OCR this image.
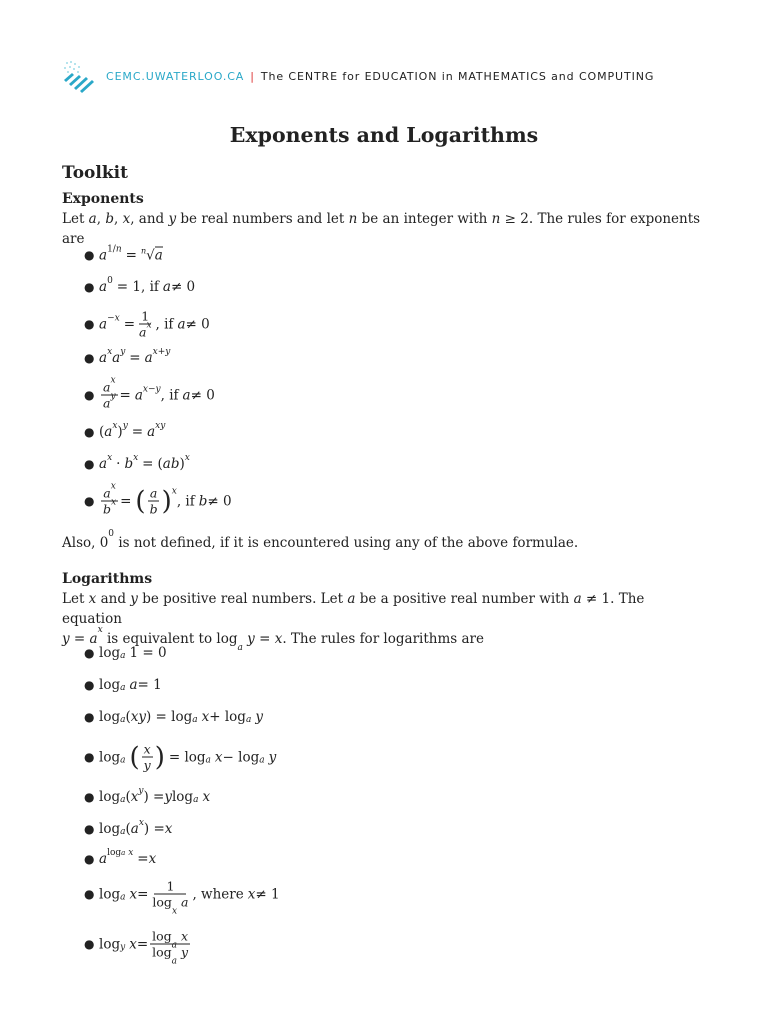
CEMC.UWATERLOO.CA | The CENTRE for EDUCATION in MATHEMATICS and COMPUTING
Exponents and Logarithms
Toolkit
Exponents
Let a, b, x, and y be real numbers and let n be an integer with n ≥ 2. The rules for exponents are
● $a^{1/n} = ^n$ √ a
● $a^0 = 1$, if a ≠ 0
● $a^{-x} = \frac{1}{a^x}$ , if a ≠ 0
● a $^x$ a $^y$ = a $^{x+y}$
● $\frac{a^x}{a^y} = a$ $^{x-y}$ , if a ≠ 0
● ( a $^x$ ) $^y$ = a $^{xy}$
● a $^x$ · b $^x$ = ( ab ) $^x$
● $\frac{a^x}{b^x}$ = ( $\frac{a}{b}$ ) $^x$
, if b ≠ 0
Also, $0^0$ is not defined, if it is encountered using any of the above formulae.
Logarithms
Let x and y be positive real numbers. Let a be a positive real number with a ≠ 1. The equation
$y = a^x$ is equivalent to $\log_a y = x$. The rules for logarithms are
● log $_a$ 1 = 0
● log $_a$ a = 1
● log $_a$ ( xy ) = log $_a$ x + log $_a$ y
● log $_a$ ( $\frac{x}{y}$ ) = log $_a$ x − log $_a$ y
● log $_a$ ( x $^y$ ) = y log $_a$ x
● log $_a$ ( a $^x$ ) = x
● $a^{loga x} = x$
● log $_a$ $x = \frac{1}{\log_x a}$ , where x ≠ 1
● log $_y$ $x = \frac{\log_a x}{\log_a y}$
